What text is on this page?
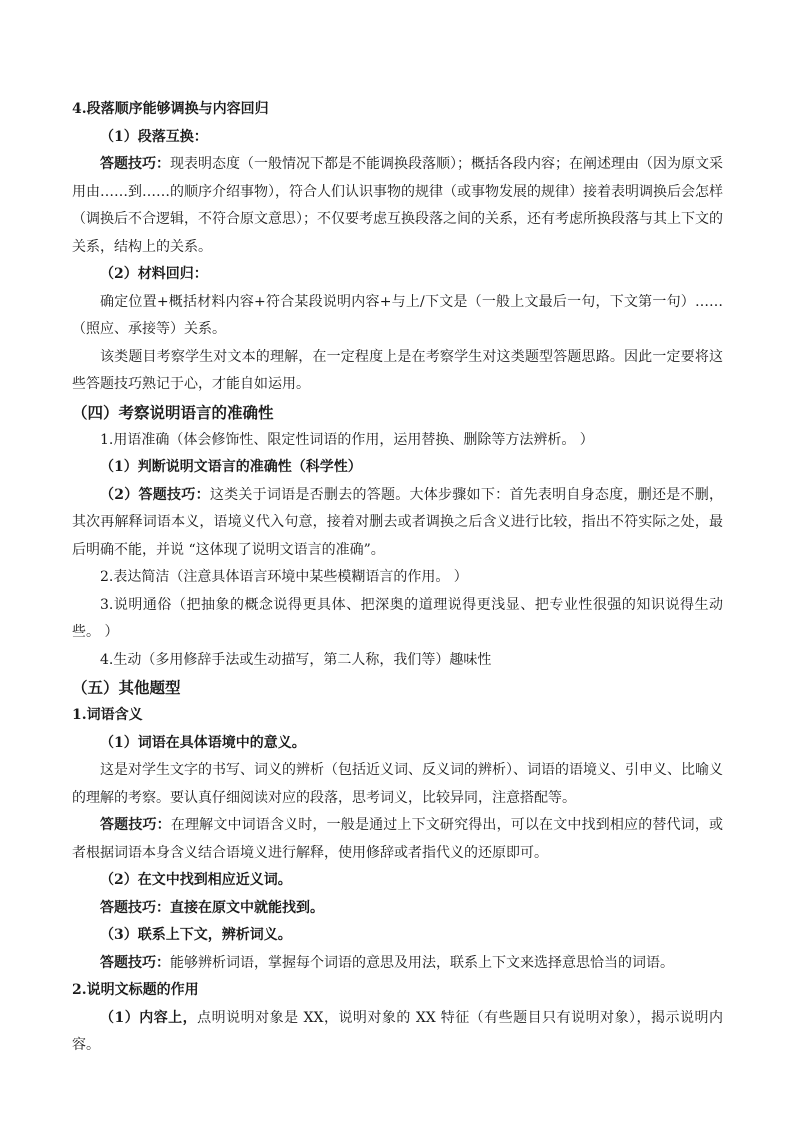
4.段落顺序能够调换与内容回归

（1）段落互换：

答题技巧：现表明态度（一般情况下都是不能调换段落顺）；概括各段内容；在阐述理由（因为原文采用由……到……的顺序介绍事物），符合人们认识事物的规律（或事物发展的规律）接着表明调换后会怎样（调换后不合逻辑，不符合原文意思）；不仅要考虑互换段落之间的关系，还有考虑所换段落与其上下文的关系，结构上的关系。

（2）材料回归：

确定位置+概括材料内容+符合某段说明内容+与上/下文是（一般上文最后一句，下文第一句）……（照应、承接等）关系。

该类题目考察学生对文本的理解，在一定程度上是在考察学生对这类题型答题思路。因此一定要将这些答题技巧熟记于心，才能自如运用。

（四）考察说明语言的准确性

1.用语准确（体会修饰性、限定性词语的作用，运用替换、删除等方法辨析。 ）

（1）判断说明文语言的准确性（科学性）

（2）答题技巧：这类关于词语是否删去的答题。大体步骤如下：首先表明自身态度，删还是不删，其次再解释词语本义，语境义代入句意，接着对删去或者调换之后含义进行比较，指出不符实际之处，最后明确不能，并说 “这体现了说明文语言的准确”。

2.表达简洁（注意具体语言环境中某些模糊语言的作用。 ）

3.说明通俗（把抽象的概念说得更具体、把深奥的道理说得更浅显、把专业性很强的知识说得生动些。 ）

4.生动（多用修辞手法或生动描写，第二人称，我们等）趣味性

（五）其他题型

1.词语含义

（1）词语在具体语境中的意义。

这是对学生文字的书写、词义的辨析（包括近义词、反义词的辨析）、词语的语境义、引申义、比喻义的理解的考察。要认真仔细阅读对应的段落，思考词义，比较异同，注意搭配等。

答题技巧：在理解文中词语含义时，一般是通过上下文研究得出，可以在文中找到相应的替代词，或者根据词语本身含义结合语境义进行解释，使用修辞或者指代义的还原即可。

（2）在文中找到相应近义词。

答题技巧：直接在原文中就能找到。

（3）联系上下文，辨析词义。

答题技巧：能够辨析词语，掌握每个词语的意思及用法，联系上下文来选择意思恰当的词语。

2.说明文标题的作用

（1）内容上，点明说明对象是 XX，说明对象的 XX 特征（有些题目只有说明对象），揭示说明内容。
